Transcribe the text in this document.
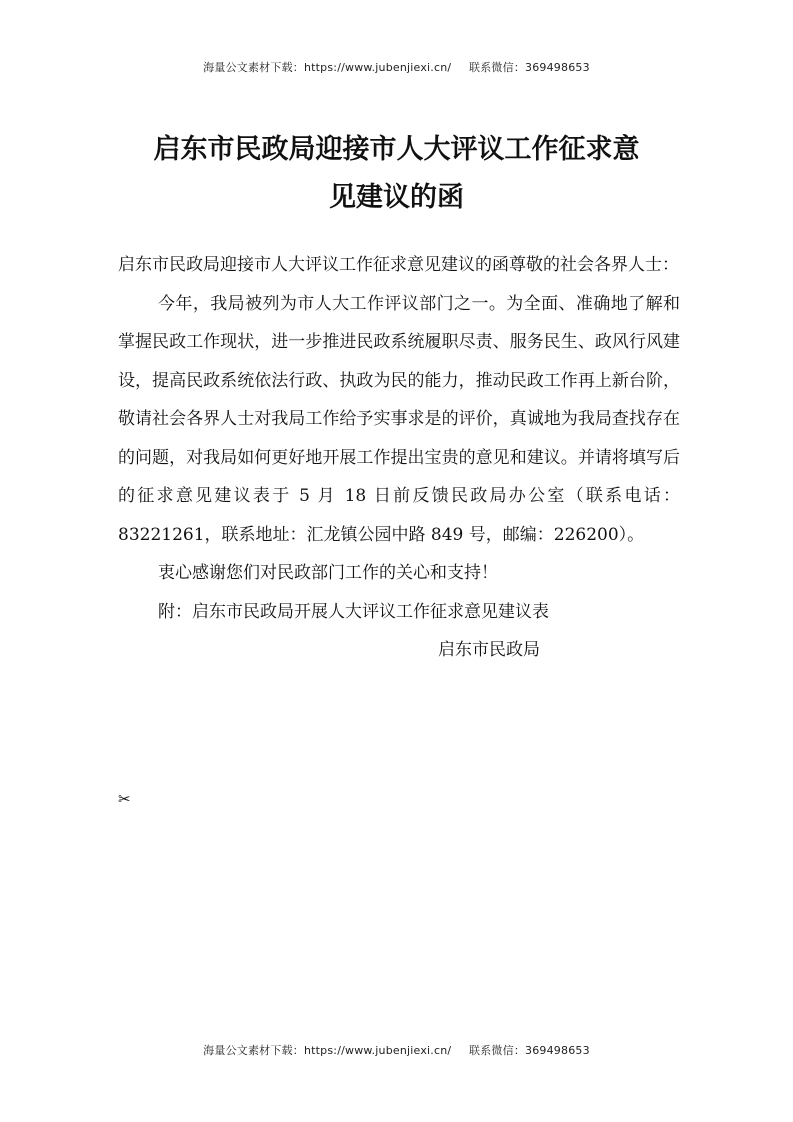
海量公文素材下载：https://www.jubenjiexi.cn/ 联系微信：369498653
启东市民政局迎接市人大评议工作征求意
见建议的函

启东市民政局迎接市人大评议工作征求意见建议的函尊敬的社会各界人士：

今年，我局被列为市人大工作评议部门之一。为全面、准确地了解和掌握民政工作现状，进一步推进民政系统履职尽责、服务民生、政风行风建设，提高民政系统依法行政、执政为民的能力，推动民政工作再上新台阶，敬请社会各界人士对我局工作给予实事求是的评价，真诚地为我局查找存在的问题，对我局如何更好地开展工作提出宝贵的意见和建议。并请将填写后的征求意见建议表于 5 月 18 日前反馈民政局办公室（联系电话：83221261，联系地址：汇龙镇公园中路 849 号，邮编：226200）。

衷心感谢您们对民政部门工作的关心和支持！

附：启东市民政局开展人大评议工作征求意见建议表

启东市民政局

✂
海量公文素材下载：https://www.jubenjiexi.cn/ 联系微信：369498653
